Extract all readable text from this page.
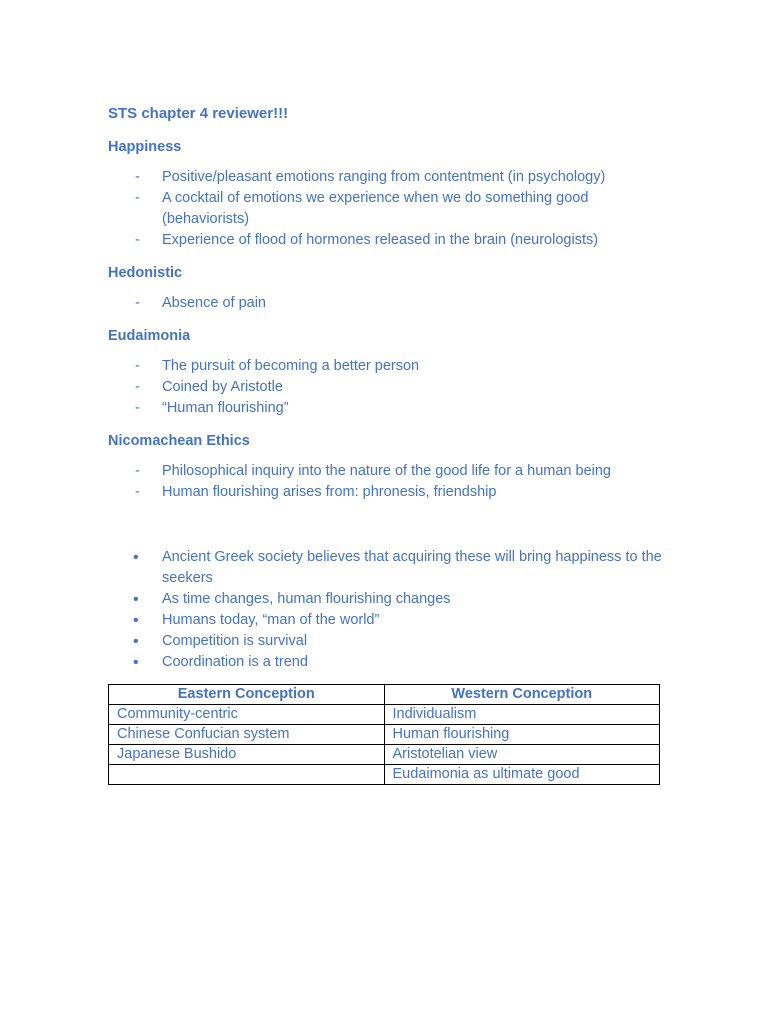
STS chapter 4 reviewer!!!
Happiness
- Positive/pleasant emotions ranging from contentment (in psychology)
- A cocktail of emotions we experience when we do something good (behaviorists)
- Experience of flood of hormones released in the brain (neurologists)
Hedonistic
- Absence of pain
Eudaimonia
- The pursuit of becoming a better person
- Coined by Aristotle
- “Human flourishing”
Nicomachean Ethics
- Philosophical inquiry into the nature of the good life for a human being
- Human flourishing arises from: phronesis, friendship
• Ancient Greek society believes that acquiring these will bring happiness to the seekers
• As time changes, human flourishing changes
• Humans today, “man of the world”
• Competition is survival
• Coordination is a trend
Eastern Conception	Western Conception
Community-centric	Individualism
Chinese Confucian system	Human flourishing
Japanese Bushido	Aristotelian view
	Eudaimonia as ultimate good
